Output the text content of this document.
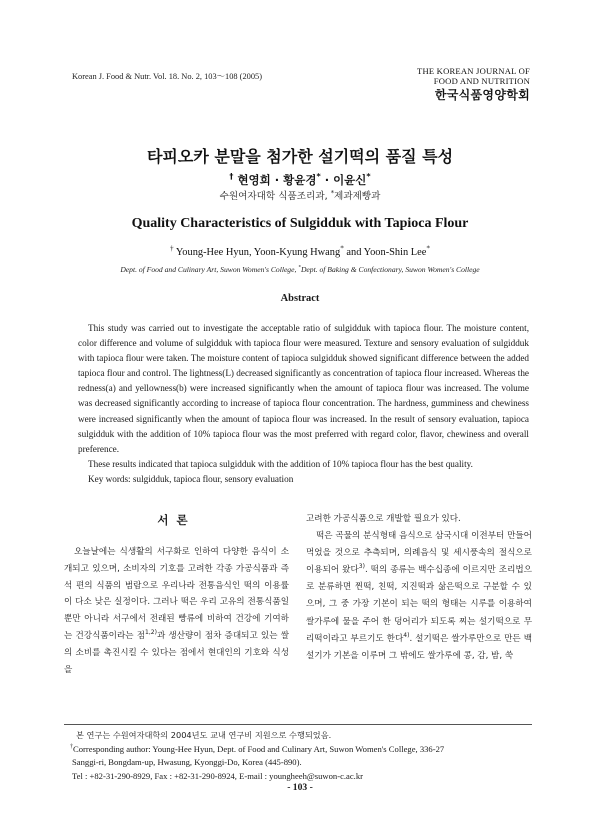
Korean J. Food & Nutr. Vol. 18. No. 2, 103～108 (2005)
THE KOREAN JOURNAL OF
FOOD AND NUTRITION
한국식품영양학회
타피오카 분말을 첨가한 설기떡의 품질 특성
† 현영희 · 황윤경* · 이윤신*
수원여자대학 식품조리과, *제과제빵과
Quality Characteristics of Sulgidduk with Tapioca Flour
† Young-Hee Hyun, Yoon-Kyung Hwang* and Yoon-Shin Lee*
Dept. of Food and Culinary Art, Suwon Women's College, *Dept. of Baking & Confectionary, Suwon Women's College
Abstract

This study was carried out to investigate the acceptable ratio of sulgidduk with tapioca flour. The moisture content, color difference and volume of sulgidduk with tapioca flour were measured. Texture and sensory evaluation of sulgidduk with tapioca flour were taken. The moisture content of tapioca sulgidduk showed significant difference between the added tapioca flour and control. The lightness(L) decreased significantly as concentration of tapioca flour increased. Whereas the redness(a) and yellowness(b) were increased significantly when the amount of tapioca flour was increased. The volume was decreased significantly according to increase of tapioca flour concentration. The hardness, gumminess and chewiness were increased significantly when the amount of tapioca flour was increased. In the result of sensory evaluation, tapioca sulgidduk with the addition of 10% tapioca flour was the most preferred with regard color, flavor, chewiness and overall preference.

These results indicated that tapioca sulgidduk with the addition of 10% tapioca flour has the best quality.

Key words: sulgidduk, tapioca flour, sensory evaluation

서론

오늘날에는 식생활의 서구화로 인하여 다양한 음식이 소개되고 있으며, 소비자의 기호를 고려한 각종 가공식품과 즉석 편의 식품의 범람으로 우리나라 전통음식인 떡의 이용률이 다소 낮은 실정이다. 그러나 떡은 우리 고유의 전통식품일 뿐만 아니라 서구에서 전래된 빵류에 비하여 건강에 기여하는 건강식품이라는 점$^{1,2)}$과 생산량이 점차 증대되고 있는 쌀의 소비를 촉진시킬 수 있다는 점에서 현대인의 기호와 식성을

고려한 가공식품으로 개발할 필요가 있다.

떡은 곡물의 분식형태 음식으로 삼국시대 이전부터 만들어 먹었을 것으로 추측되며, 의례음식 및 세시풍속의 절식으로 이용되어 왔다$^{3)}$. 떡의 종류는 백수십종에 이르지만 조리법으로 분류하면 찐떡, 친떡, 지진떡과 삶은떡으로 구분할 수 있으며, 그 중 가장 기본이 되는 떡의 형태는 시루를 이용하여 쌀가루에 물을 주어 한 덩어리가 되도록 찌는 설기떡으로 무리떡이라고 부르기도 한다$^{4)}$. 설기떡은 쌀가루만으로 만든 백설기가 기본을 이루며 그 밖에도 쌀가루에 콩, 감, 밤, 쑥

본 연구는 수원여자대학의 2004년도 교내 연구비 지원으로 수행되었음.
†Corresponding author: Young-Hee Hyun, Dept. of Food and Culinary Art, Suwon Women's College, 336-27
Sanggi-ri, Bongdam-up, Hwasung, Kyonggi-Do, Korea (445-890).
Tel : +82-31-290-8929, Fax : +82-31-290-8924, E-mail : youngheeh@suwon-c.ac.kr
- 103 -
